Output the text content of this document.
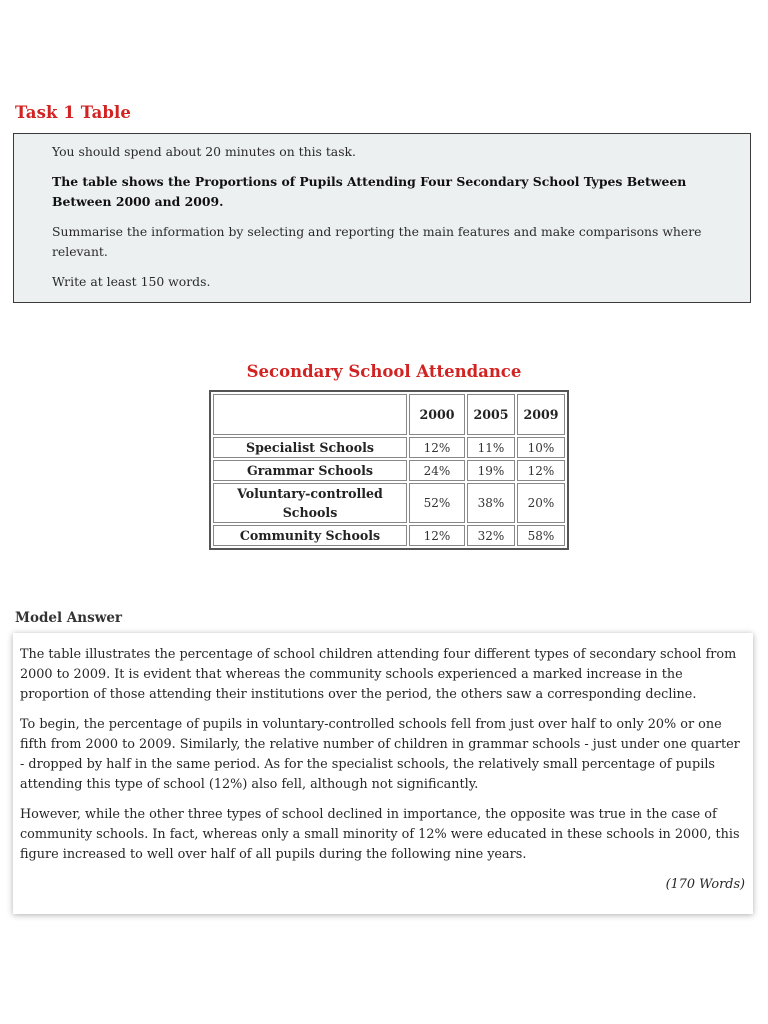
Task 1 Table

You should spend about 20 minutes on this task.

The table shows the Proportions of Pupils Attending Four Secondary School Types Between Between 2000 and 2009.

Summarise the information by selecting and reporting the main features and make comparisons where relevant.

Write at least 150 words.

Secondary School Attendance
	2000	2005	2009
Specialist Schools	12%	11%	10%
Grammar Schools	24%	19%	12%
Voluntary-controlled Schools	52%	38%	20%
Community Schools	12%	32%	58%
Model Answer

The table illustrates the percentage of school children attending four different types of secondary school from 2000 to 2009. It is evident that whereas the community schools experienced a marked increase in the proportion of those attending their institutions over the period, the others saw a corresponding decline.

To begin, the percentage of pupils in voluntary-controlled schools fell from just over half to only 20% or one fifth from 2000 to 2009. Similarly, the relative number of children in grammar schools - just under one quarter - dropped by half in the same period. As for the specialist schools, the relatively small percentage of pupils attending this type of school (12%) also fell, although not significantly.

However, while the other three types of school declined in importance, the opposite was true in the case of community schools. In fact, whereas only a small minority of 12% were educated in these schools in 2000, this figure increased to well over half of all pupils during the following nine years.

(170 Words)
